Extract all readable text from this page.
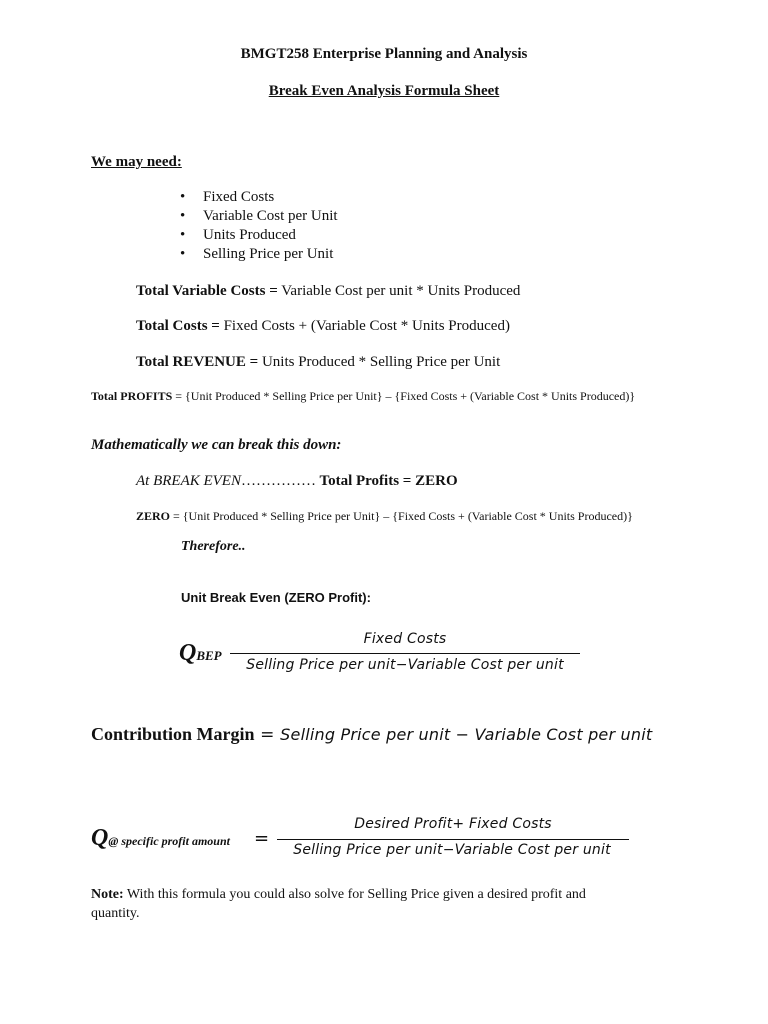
BMGT258 Enterprise Planning and Analysis
Break Even Analysis Formula Sheet
We may need:
• Fixed Costs
• Variable Cost per Unit
• Units Produced
• Selling Price per Unit
Total Variable Costs = Variable Cost per unit * Units Produced
Total Costs = Fixed Costs + (Variable Cost * Units Produced)
Total REVENUE = Units Produced * Selling Price per Unit
Total PROFITS = {Unit Produced * Selling Price per Unit} – {Fixed Costs + (Variable Cost * Units Produced)}
Mathematically we can break this down:
At BREAK EVEN…………… Total Profits = ZERO
ZERO = {Unit Produced * Selling Price per Unit} – {Fixed Costs + (Variable Cost * Units Produced)}
Therefore..
Unit Break Even (ZERO Profit):
QBEP
Fixed Costs
Selling Price per unit−Variable Cost per unit
Contribution Margin = Selling Price per unit − Variable Cost per unit
Q@ specific profit amount =
Desired Profit+ Fixed Costs
Selling Price per unit−Variable Cost per unit
Note: With this formula you could also solve for Selling Price given a desired profit and
quantity.
